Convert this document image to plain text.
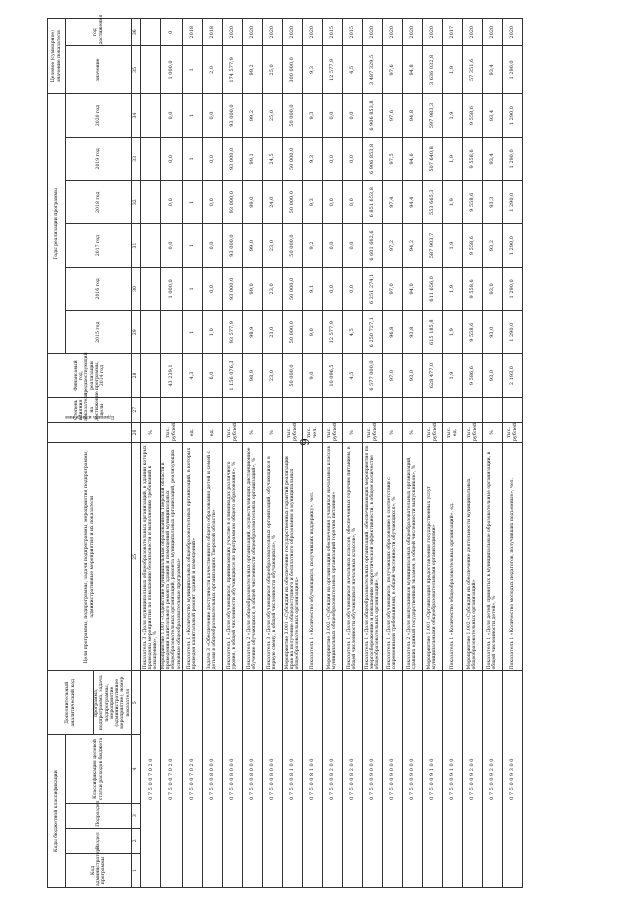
6
Коды бюджетной классификации				Дополнительный аналитический код	Цели программы, подпрограммы, задачи подпрограммы, мероприятия подпрограммы, административные мероприятия и их показатели	Единица измерения	Степень влияния показателя на достижение цели	Финансовый год, предшествующий реализации программы, 2014 год	Годы реализации программы						Целевое (суммарное) значение показателя	
Код администратора программы	Раздел	Подраздел	Классификация целевой статьи расходов бюджета						2015 год	2016 год	2017 год	2018 год	2019 год	2020 год	значение	год достижения
				программа, подпрограмма, задача подпрограммы, мероприятие (административное мероприятие), номер показателя												
1	2	3	4	5	25	26	27	28	29	30	31	32	33	34	35	36
0 7 5 0 0 7 0 2 0					Показатель 3 «Доля муниципальных общеобразовательных организаций, в здании которых проведены мероприятия по повышению безопасности и выполнению требований к оснащению», %	%										
0 7 5 0 0 7 0 2 0					Мероприятие 1.001 «Содействие муниципальным образованиям Тверской области в проведении капитального ремонта зданий и помещений муниципальных общеобразовательных организаций, ремонта муниципальных организаций, реализующих основные общеобразовательные программы»	тыс. рублей		43 239,1		1 000,0	0,0	0,0	0,0	0,0	1 000,0	0
0 7 5 0 0 7 0 2 0					Показатель 1 «Количество муниципальных общеобразовательных организаций, в которых проведен капитальный ремонт зданий и помещений»	ед.		4,3	1	1	1	1	1	1	1	2018
0 7 5 0 0 8 0 0 0					Задача 3 «Обеспечение доступности качественного общего образования детей и семей с детьми в общеобразовательных организациях Тверской области»	ед.		6,0	1,0	0,0	0,0	0,0	0,0	0,0	2,0	2018
0 7 5 0 0 8 0 0 0					Показатель 1 «Доля обучающихся, принимающих участие в олимпиадах различного уровня, в общей численности обучающихся по программам общего образования», %	тыс. рублей		1 156 076,3	93 577,9	93 000,0	93 000,0	93 000,0	93 000,0	93 000,0	174 577,9	2020
0 7 5 0 0 8 0 0 0					Показатель 2 «Доля общеобразовательных организаций, осуществляющих дистанционное обучение обучающихся, в общей численности общеобразовательных организаций», %	%		98,9	98,9	99,0	99,0	99,0	99,1	99,2	99,2	2020
0 7 5 0 0 8 0 0 0					Показатель 3 «Доля обучающихся общеобразовательных организаций, обучающихся в первую смену, в общей численности обучающихся», %	%		23,0	23,0	23,0	23,0	24,0	24,5	25,0	25,0	2020
0 7 5 0 0 8 1 0 0					Мероприятие 3.001 «Субсидии на обеспечение государственных гарантий реализации прав на получение общедоступного и бесплатного образования в муниципальных общеобразовательных организациях»	тыс. рублей		50 000,0	50 000,0	50 000,0	50 000,0	50 000,0	50 000,0	50 000,0	300 000,0	2020
0 7 5 0 0 8 1 0 0					Показатель 1 «Количество обучающихся, получивших поддержку», чел.	тыс. чел.		9,0	9,0	9,1	9,2	9,3	9,3	9,3	9,3	2020
0 7 5 0 0 8 2 0 0					Мероприятие 3.002 «Субсидии на организацию обеспечения учащихся начальных классов муниципальных общеобразовательных организаций горячим питанием»	тыс. рублей		10 096,5	12 577,9	0,0	0,0	0,0	0,0	0,0	12 577,9	2015
0 7 5 0 0 8 2 0 0					Показатель 1 «Доля обучающихся начальных классов, обеспеченных горячим питанием, в общей численности обучающихся начальных классов», %	%		4,5	4,5	0,0	0,0	0,0	0,0	0,0	4,5	2015
0 7 5 0 0 9 0 0 0					Показатель 1 «Доля общеобразовательных организаций, обеспечивающих мероприятия по энергосбережению и повышению энергетической эффективности, в общем количестве общеобразовательных организаций», %	тыс. рублей		6 577 000,0	6 250 727,1	6 251 274,1	6 601 662,6	6 851 653,8	6 906 853,8	6 906 853,8	3 487 329,5	2020
0 7 5 0 0 9 0 0 0					Показатель 1 «Доля обучающихся, получающих образование в соответствии с современными требованиями, в общей численности обучающихся», %	%		97,0	96,8	97,0	97,2	97,4	97,5	97,6	97,6	2020
0 7 5 0 0 9 0 0 0					Показатель 2 «Доля выпускников муниципальных общеобразовательных организаций, сдавших единый государственный экзамен, в общей численности выпускников», %	%		93,0	93,8	94,0	94,2	94,4	94,6	94,8	94,8	2020
0 7 5 0 0 9 1 0 0					Мероприятие 1.001 «Организация предоставления государственных услуг муниципальными общеобразовательными организациями»	тыс. рублей		628 477,0	615 185,8	611 656,0	587 903,7	553 665,3	507 640,8	597 983,3	3 636 032,8	2020
0 7 5 0 0 9 1 0 0					Показатель 1 «Количество общеобразовательных организаций», ед.	тыс. ед.		1,9	1,9	1,9	1,9	1,9	1,9	1,9	1,9	2017
0 7 5 0 0 9 2 0 0					Мероприятие 1.002 «Субсидии на обеспечение деятельности муниципальных общеобразовательных организаций»	тыс. рублей		9 586,6	9 558,6	9 558,6	9 558,6	9 558,6	9 558,6	9 558,6	57 351,6	2020
0 7 5 0 0 9 2 0 0					Показатель 1 «Доля детей, принятых в муниципальные образовательные организации, в общей численности детей», %	%		93,0	93,0	93,0	93,2	93,3	93,4	93,4	93,4	2020
0 7 5 0 0 9 3 0 0					Показатель 1 «Количество молодых педагогов, получивших подъемные», чел.	тыс. рублей		2 193,0	1 290,0	1 290,0	1 290,0	1 290,0	1 290,0	1 290,0	1 290,0	2020
